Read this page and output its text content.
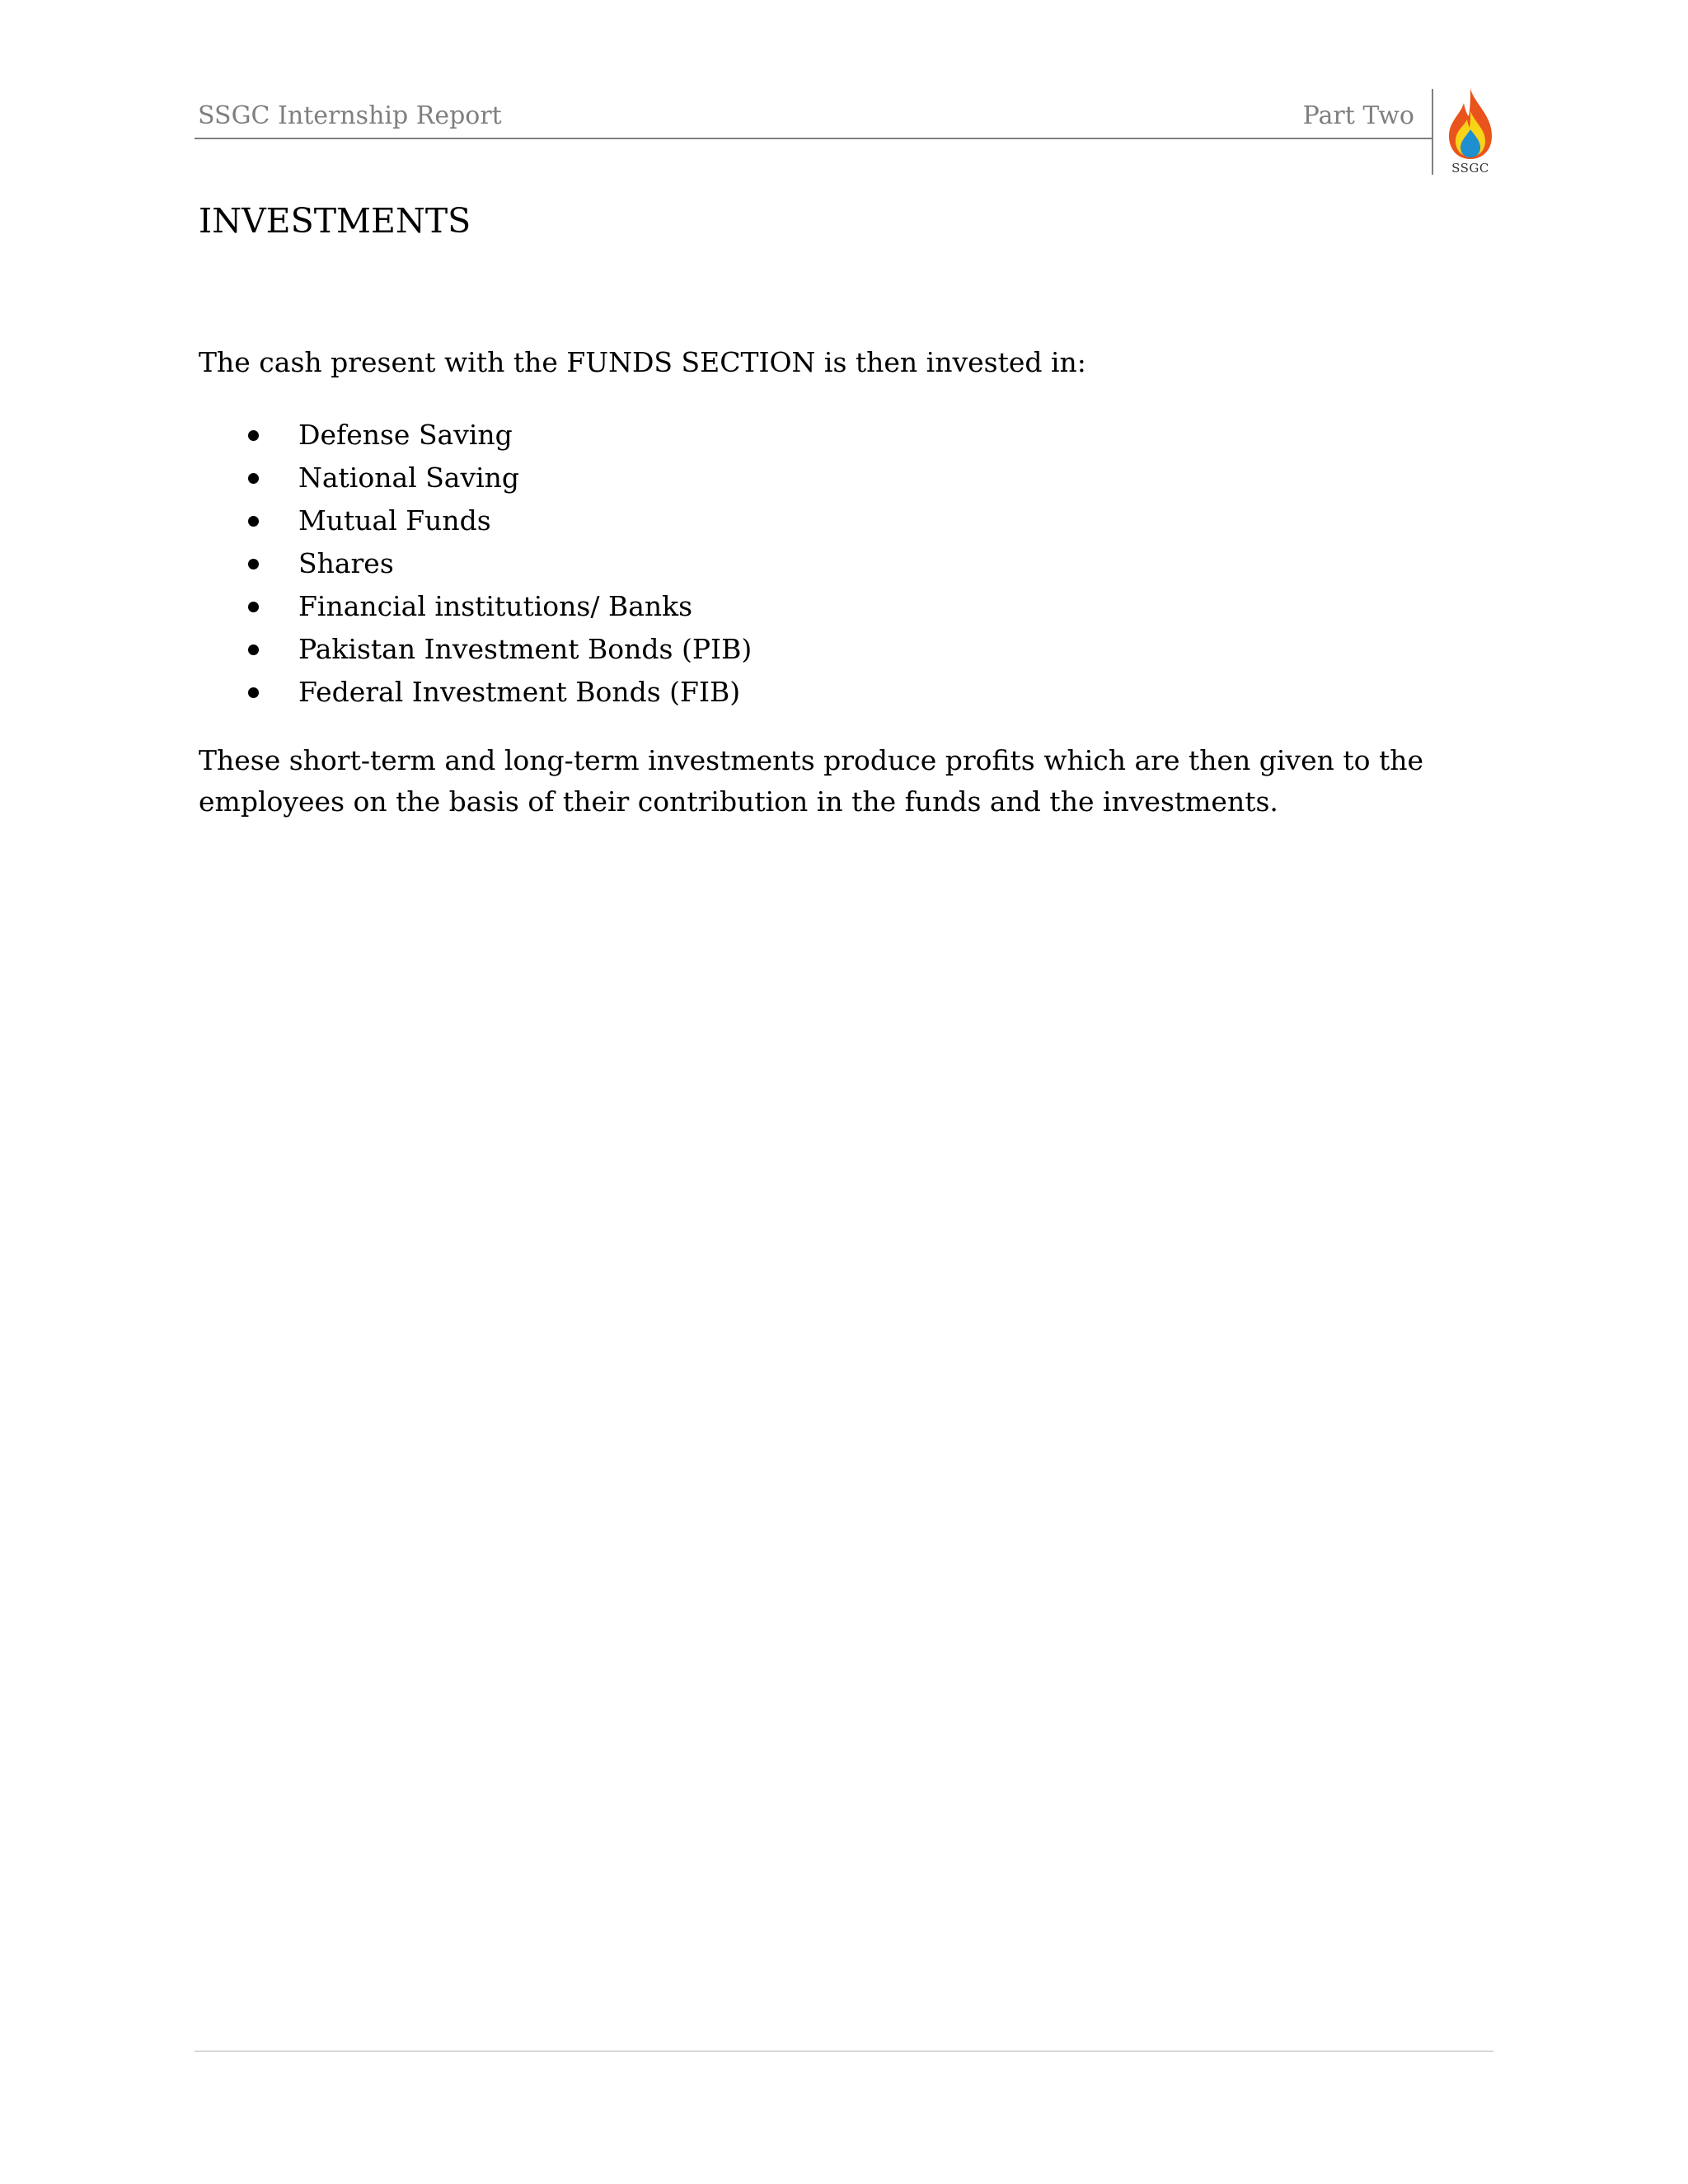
SSGC Internship Report	Part Two
SSGC
INVESTMENTS
The cash present with the FUNDS SECTION is then invested in:
Defense Saving
National Saving
Mutual Funds
Shares
Financial institutions/ Banks
Pakistan Investment Bonds (PIB)
Federal Investment Bonds (FIB)
These short-term and long-term investments produce profits which are then given to the employees on the basis of their contribution in the funds and the investments.
